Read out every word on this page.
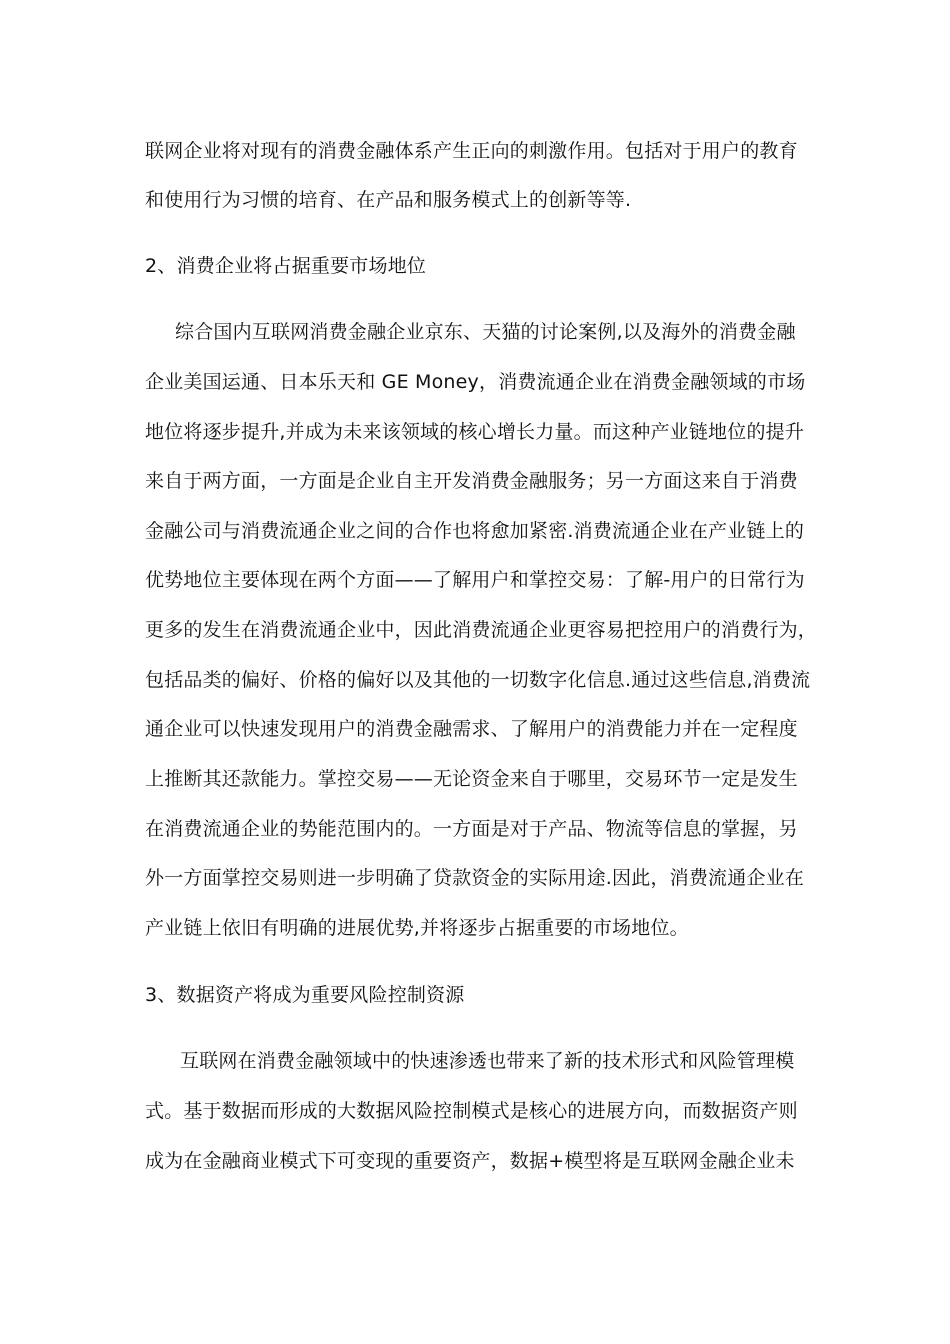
联网企业将对现有的消费金融体系产生正向的刺激作用。包括对于用户的教育
和使用行为习惯的培育、在产品和服务模式上的创新等等.
2、消费企业将占据重要市场地位
综合国内互联网消费金融企业京东、天猫的讨论案例,以及海外的消费金融
企业美国运通、日本乐天和 GE Money，消费流通企业在消费金融领域的市场
地位将逐步提升,并成为未来该领域的核心增长力量。而这种产业链地位的提升
来自于两方面，一方面是企业自主开发消费金融服务；另一方面这来自于消费
金融公司与消费流通企业之间的合作也将愈加紧密.消费流通企业在产业链上的
优势地位主要体现在两个方面——了解用户和掌控交易：了解-用户的日常行为
更多的发生在消费流通企业中，因此消费流通企业更容易把控用户的消费行为，
包括品类的偏好、价格的偏好以及其他的一切数字化信息.通过这些信息,消费流
通企业可以快速发现用户的消费金融需求、了解用户的消费能力并在一定程度
上推断其还款能力。掌控交易——无论资金来自于哪里，交易环节一定是发生
在消费流通企业的势能范围内的。一方面是对于产品、物流等信息的掌握，另
外一方面掌控交易则进一步明确了贷款资金的实际用途.因此，消费流通企业在
产业链上依旧有明确的进展优势,并将逐步占据重要的市场地位。
3、数据资产将成为重要风险控制资源
互联网在消费金融领域中的快速渗透也带来了新的技术形式和风险管理模
式。基于数据而形成的大数据风险控制模式是核心的进展方向，而数据资产则
成为在金融商业模式下可变现的重要资产，数据+模型将是互联网金融企业未
